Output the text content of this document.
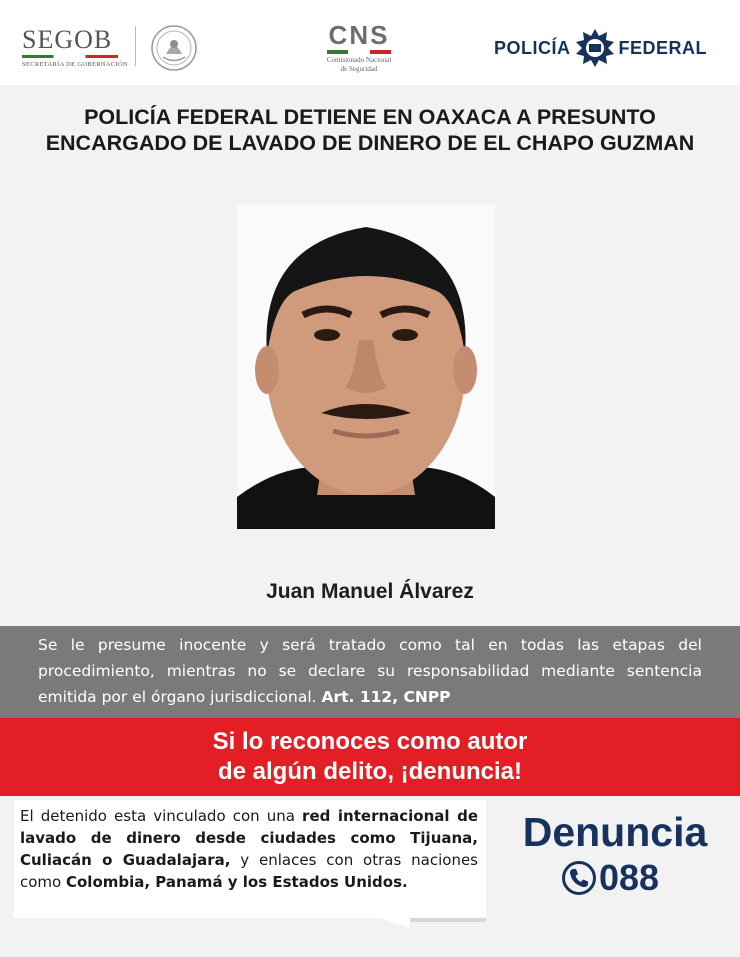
SEGOB
SECRETARÍA DE GOBERNACIÓN
CNS
Comisionado Nacional
de Seguridad
POLICÍA	FEDERAL
POLICÍA FEDERAL DETIENE EN OAXACA A PRESUNTO
ENCARGADO DE LAVADO DE DINERO DE EL CHAPO GUZMAN
Juan Manuel Álvarez

Se le presume inocente y será tratado como tal en todas las etapas del procedimiento, mientras no se declare su responsabilidad mediante sentencia emitida por el órgano jurisdiccional. Art. 112, CNPP

Si lo reconoces como autor
de algún delito, ¡denuncia!

El detenido esta vinculado con una red internacional de lavado de dinero desde ciudades como Tijuana, Culiacán o Guadalajara, y enlaces con otras naciones como Colombia, Panamá y los Estados Unidos.

Denuncia
088
